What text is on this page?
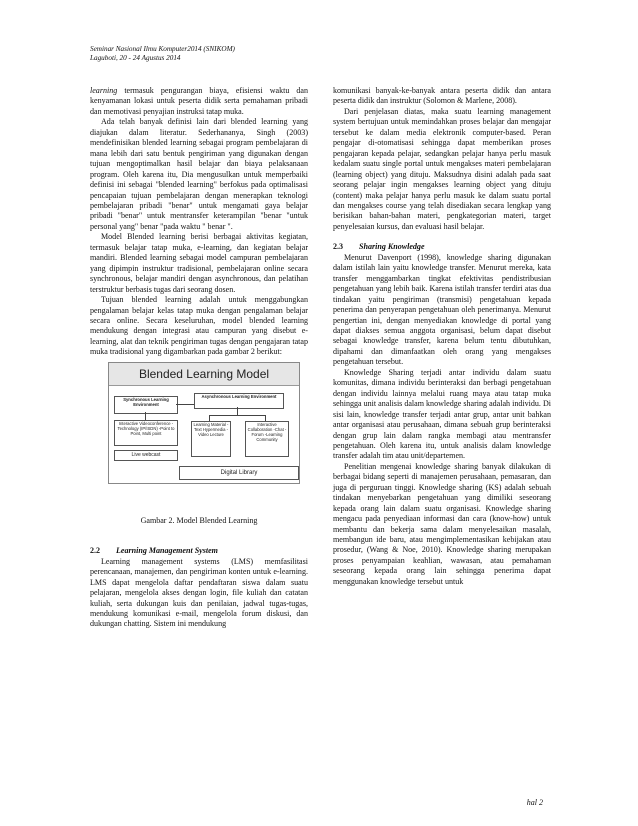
Seminar Nasional Ilmu Komputer2014 (SNIKOM)
Laguboti, 20 - 24 Agustus 2014

learning termasuk pengurangan biaya, efisiensi waktu dan kenyamanan lokasi untuk peserta didik serta pemahaman pribadi dan memotivasi penyajian instruksi tatap muka.

Ada telah banyak definisi lain dari blended learning yang diajukan dalam literatur. Sederhananya, Singh (2003) mendefinisikan blended learning sebagai program pembelajaran di mana lebih dari satu bentuk pengiriman yang digunakan dengan tujuan mengoptimalkan hasil belajar dan biaya pelaksanaan program. Oleh karena itu, Dia mengusulkan untuk memperbaiki definisi ini sebagai "blended learning" berfokus pada optimalisasi pencapaian tujuan pembelajaran dengan menerapkan teknologi pembelajaran pribadi "benar" untuk mengamati gaya belajar pribadi "benar" untuk mentransfer keterampilan "benar "untuk personal yang" benar "pada waktu " benar ".

Model Blended learning berisi berbagai aktivitas kegiatan, termasuk belajar tatap muka, e-learning, dan kegiatan belajar mandiri. Blended learning sebagai model campuran pembelajaran yang dipimpin instruktur tradisional, pembelajaran online secara synchronous, belajar mandiri dengan asynchronous, dan pelatihan terstruktur berbasis tugas dari seorang dosen.

Tujuan blended learning adalah untuk menggabungkan pengalaman belajar kelas tatap muka dengan pengalaman belajar secara online. Secara keseluruhan, model blended learning mendukung dengan integrasi atau campuran yang disebut e-learning, alat dan teknik pengiriman tugas dengan pengajaran tatap muka tradisional yang digambarkan pada gambar 2 berikut:

Blended Learning Model
Synchronous Learning Environment
Asynchronous Learning Environment
Interactive Videoconference -Technology (IP/ISDN) -Point to Point, Multi point
Live webcast
Learning Material -Text Hypermedia -Video Lecture
Interactive Collaboration -Chat -Forum -Learning Community
Digital Library
Gambar 2. Model Blended Learning

2.2 Learning Management System

Learning management systems (LMS) memfasilitasi perencanaan, manajemen, dan pengiriman konten untuk e-learning. LMS dapat mengelola daftar pendaftaran siswa dalam suatu pelajaran, mengelola akses dengan login, file kuliah dan catatan kuliah, serta dukungan kuis dan penilaian, jadwal tugas-tugas, mendukung komunikasi e-mail, mengelola forum diskusi, dan dukungan chatting. Sistem ini mendukung

komunikasi banyak-ke-banyak antara peserta didik dan antara peserta didik dan instruktur (Solomon & Marlene, 2008).

Dari penjelasan diatas, maka suatu learning management system bertujuan untuk memindahkan proses belajar dan mengajar tersebut ke dalam media elektronik computer-based. Peran pengajar di-otomatisasi sehingga dapat memberikan proses pengajaran kepada pelajar, sedangkan pelajar hanya perlu masuk kedalam suatu single portal untuk mengakses materi pembelajaran (learning object) yang dituju. Maksudnya disini adalah pada saat seorang pelajar ingin mengakses learning object yang dituju (content) maka pelajar hanya perlu masuk ke dalam suatu portal dan mengakses course yang telah disediakan secara lengkap yang berisikan bahan-bahan materi, pengkategorian materi, target penyelesaian kursus, dan evaluasi hasil belajar.

2.3 Sharing Knowledge

Menurut Davenport (1998), knowledge sharing digunakan dalam istilah lain yaitu knowledge transfer. Menurut mereka, kata transfer menggambarkan tingkat efektivitas pendistribusian pengetahuan yang lebih baik. Karena istilah transfer terdiri atas dua tindakan yaitu pengiriman (transmisi) pengetahuan kepada penerima dan penyerapan pengetahuan oleh penerimanya. Menurut pengertian ini, dengan menyediakan knowledge di portal yang dapat diakses semua anggota organisasi, belum dapat disebut sebagai knowledge transfer, karena belum tentu dibutuhkan, dipahami dan dimanfaatkan oleh orang yang mengakses pengetahuan tersebut.

Knowledge Sharing terjadi antar individu dalam suatu komunitas, dimana individu berinteraksi dan berbagi pengetahuan dengan individu lainnya melalui ruang maya atau tatap muka sehingga unit analisis dalam knowledge sharing adalah individu. Di sisi lain, knowledge transfer terjadi antar grup, antar unit bahkan antar organisasi atau perusahaan, dimana sebuah grup berinteraksi dengan grup lain dalam rangka membagi atau mentransfer pengetahuan. Oleh karena itu, untuk analisis dalam knowledge transfer adalah tim atau unit/departemen.

Penelitian mengenai knowledge sharing banyak dilakukan di berbagai bidang seperti di manajemen perusahaan, pemasaran, dan juga di perguruan tinggi. Knowledge sharing (KS) adalah sebuah tindakan menyebarkan pengetahuan yang dimiliki seseorang kepada orang lain dalam suatu organisasi. Knowledge sharing mengacu pada penyediaan informasi dan cara (know-how) untuk membantu dan bekerja sama dalam menyelesaikan masalah, membangun ide baru, atau mengimplementasikan kebijakan atau prosedur, (Wang & Noe, 2010). Knowledge sharing merupakan proses penyampaian keahlian, wawasan, atau pemahaman seseorang kepada orang lain sehingga penerima dapat menggunakan knowledge tersebut untuk

hal 2
